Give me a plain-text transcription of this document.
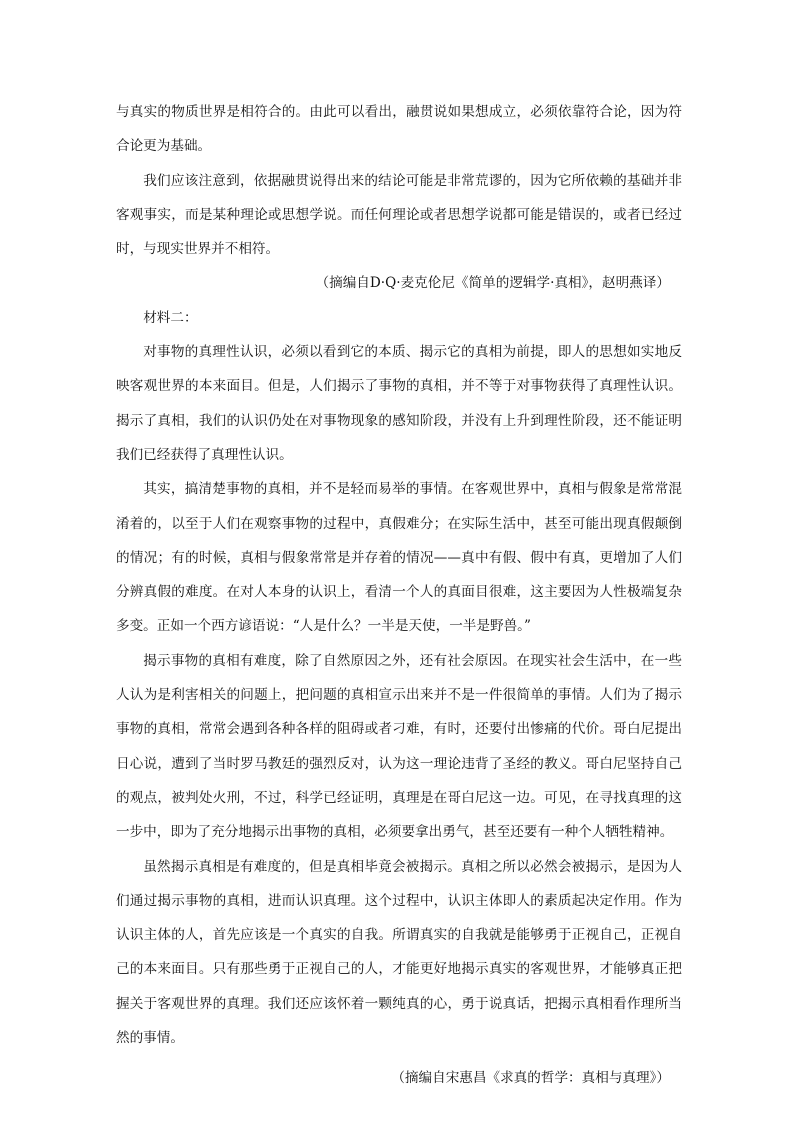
与真实的物质世界是相符合的。由此可以看出，融贯说如果想成立，必须依靠符合论，因为符合论更为基础。

我们应该注意到，依据融贯说得出来的结论可能是非常荒谬的，因为它所依赖的基础并非客观事实，而是某种理论或思想学说。而任何理论或者思想学说都可能是错误的，或者已经过时，与现实世界并不相符。

（摘编自D·Q·麦克伦尼《简单的逻辑学·真相》，赵明燕译）

材料二：

对事物的真理性认识，必须以看到它的本质、揭示它的真相为前提，即人的思想如实地反映客观世界的本来面目。但是，人们揭示了事物的真相，并不等于对事物获得了真理性认识。揭示了真相，我们的认识仍处在对事物现象的感知阶段，并没有上升到理性阶段，还不能证明我们已经获得了真理性认识。

其实，搞清楚事物的真相，并不是轻而易举的事情。在客观世界中，真相与假象是常常混淆着的，以至于人们在观察事物的过程中，真假难分；在实际生活中，甚至可能出现真假颠倒的情况；有的时候，真相与假象常常是并存着的情况——真中有假、假中有真，更增加了人们分辨真假的难度。在对人本身的认识上，看清一个人的真面目很难，这主要因为人性极端复杂多变。正如一个西方谚语说：“人是什么？一半是天使，一半是野兽。”

揭示事物的真相有难度，除了自然原因之外，还有社会原因。在现实社会生活中，在一些人认为是利害相关的问题上，把问题的真相宣示出来并不是一件很简单的事情。人们为了揭示事物的真相，常常会遇到各种各样的阻碍或者刁难，有时，还要付出惨痛的代价。哥白尼提出日心说，遭到了当时罗马教廷的强烈反对，认为这一理论违背了圣经的教义。哥白尼坚持自己的观点，被判处火刑，不过，科学已经证明，真理是在哥白尼这一边。可见，在寻找真理的这一步中，即为了充分地揭示出事物的真相，必须要拿出勇气，甚至还要有一种个人牺牲精神。

虽然揭示真相是有难度的，但是真相毕竟会被揭示。真相之所以必然会被揭示，是因为人们通过揭示事物的真相，进而认识真理。这个过程中，认识主体即人的素质起决定作用。作为认识主体的人，首先应该是一个真实的自我。所谓真实的自我就是能够勇于正视自己，正视自己的本来面目。只有那些勇于正视自己的人，才能更好地揭示真实的客观世界，才能够真正把握关于客观世界的真理。我们还应该怀着一颗纯真的心，勇于说真话，把揭示真相看作理所当然的事情。

（摘编自宋惠昌《求真的哲学：真相与真理》）
